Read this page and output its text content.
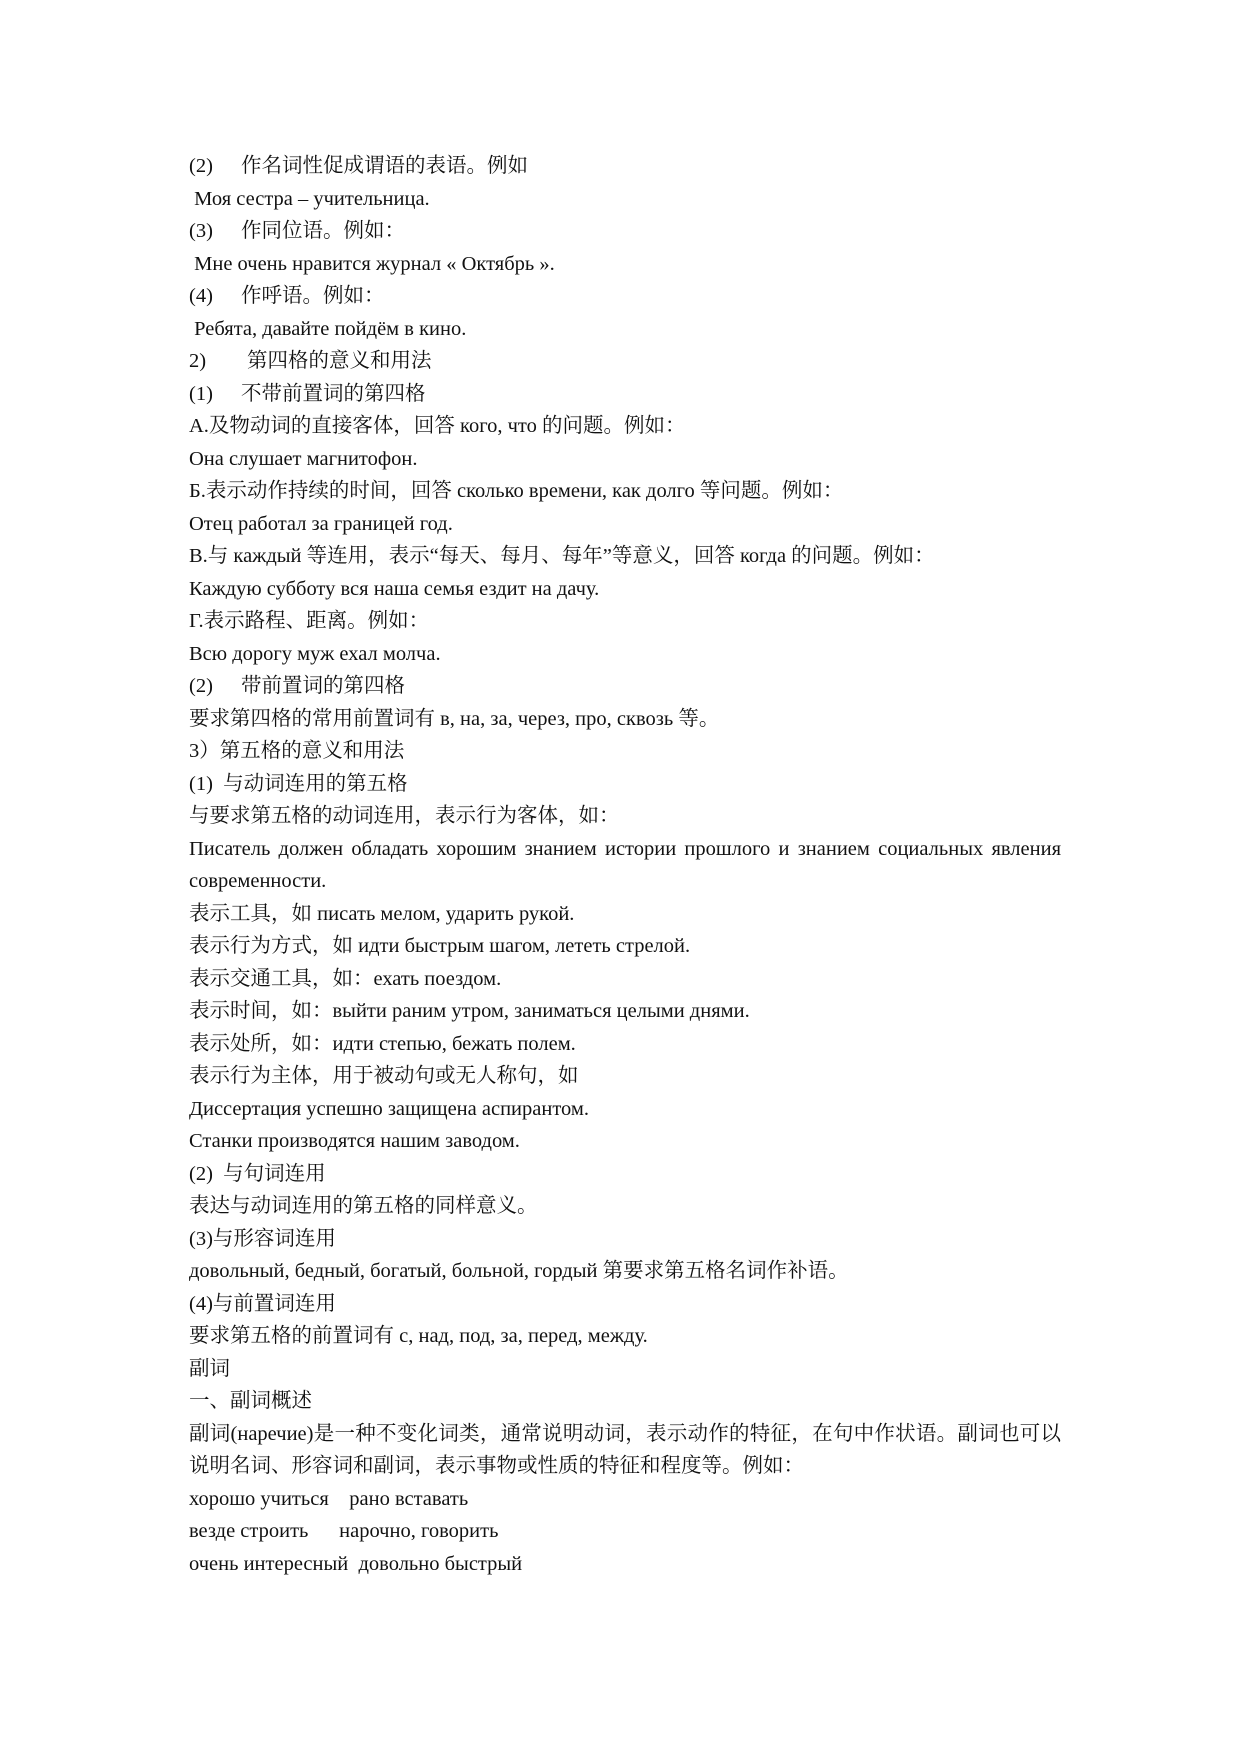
(2) 作名词性促成谓语的表语。例如
Моя сестра – учительница.
(3) 作同位语。例如：
Мне очень нравится журнал « Октябрь ».
(4) 作呼语。例如：
Ребята, давайте пойдём в кино.
2) 第四格的意义和用法
(1) 不带前置词的第四格
A.及物动词的直接客体，回答 кого, что 的问题。例如：
Она слушает магнитофон.
Б.表示动作持续的时间，回答 сколько времени, как долго 等问题。例如：
Отец работал за границей год.
В.与 каждый 等连用，表示“每天、每月、每年”等意义，回答 когда 的问题。例如：
Каждую субботу вся наша семья ездит на дачу.
Г.表示路程、距离。例如：
Всю дорогу муж ехал молча.
(2) 带前置词的第四格
要求第四格的常用前置词有 в, на, за, через, про, сквозь 等。
3）第五格的意义和用法
(1)  与动词连用的第五格
与要求第五格的动词连用，表示行为客体，如：
Писатель должен обладать хорошим знанием истории прошлого и знанием социальных явления современности.
表示工具，如 писать мелом, ударить рукой.
表示行为方式，如 идти быстрым шагом, лететь стрелой.
表示交通工具，如：ехать поездом.
表示时间，如：выйти раним утром, заниматься целыми днями.
表示处所，如：идти степью, бежать полем.
表示行为主体，用于被动句或无人称句，如
Диссертация успешно защищена аспирантом.
Станки производятся нашим заводом.
(2)  与句词连用
表达与动词连用的第五格的同样意义。
(3)与形容词连用
довольный, бедный, богатый, больной, гордый 第要求第五格名词作补语。
(4)与前置词连用
要求第五格的前置词有 с, над, под, за, перед, между.
副词
一、副词概述
副词(наречие)是一种不变化词类，通常说明动词，表示动作的特征，在句中作状语。副词也可以说明名词、形容词和副词，表示事物或性质的特征和程度等。例如：
хорошо учиться    рано вставать
везде строить      нарочно, говорить
очень интересный  довольно быстрый
